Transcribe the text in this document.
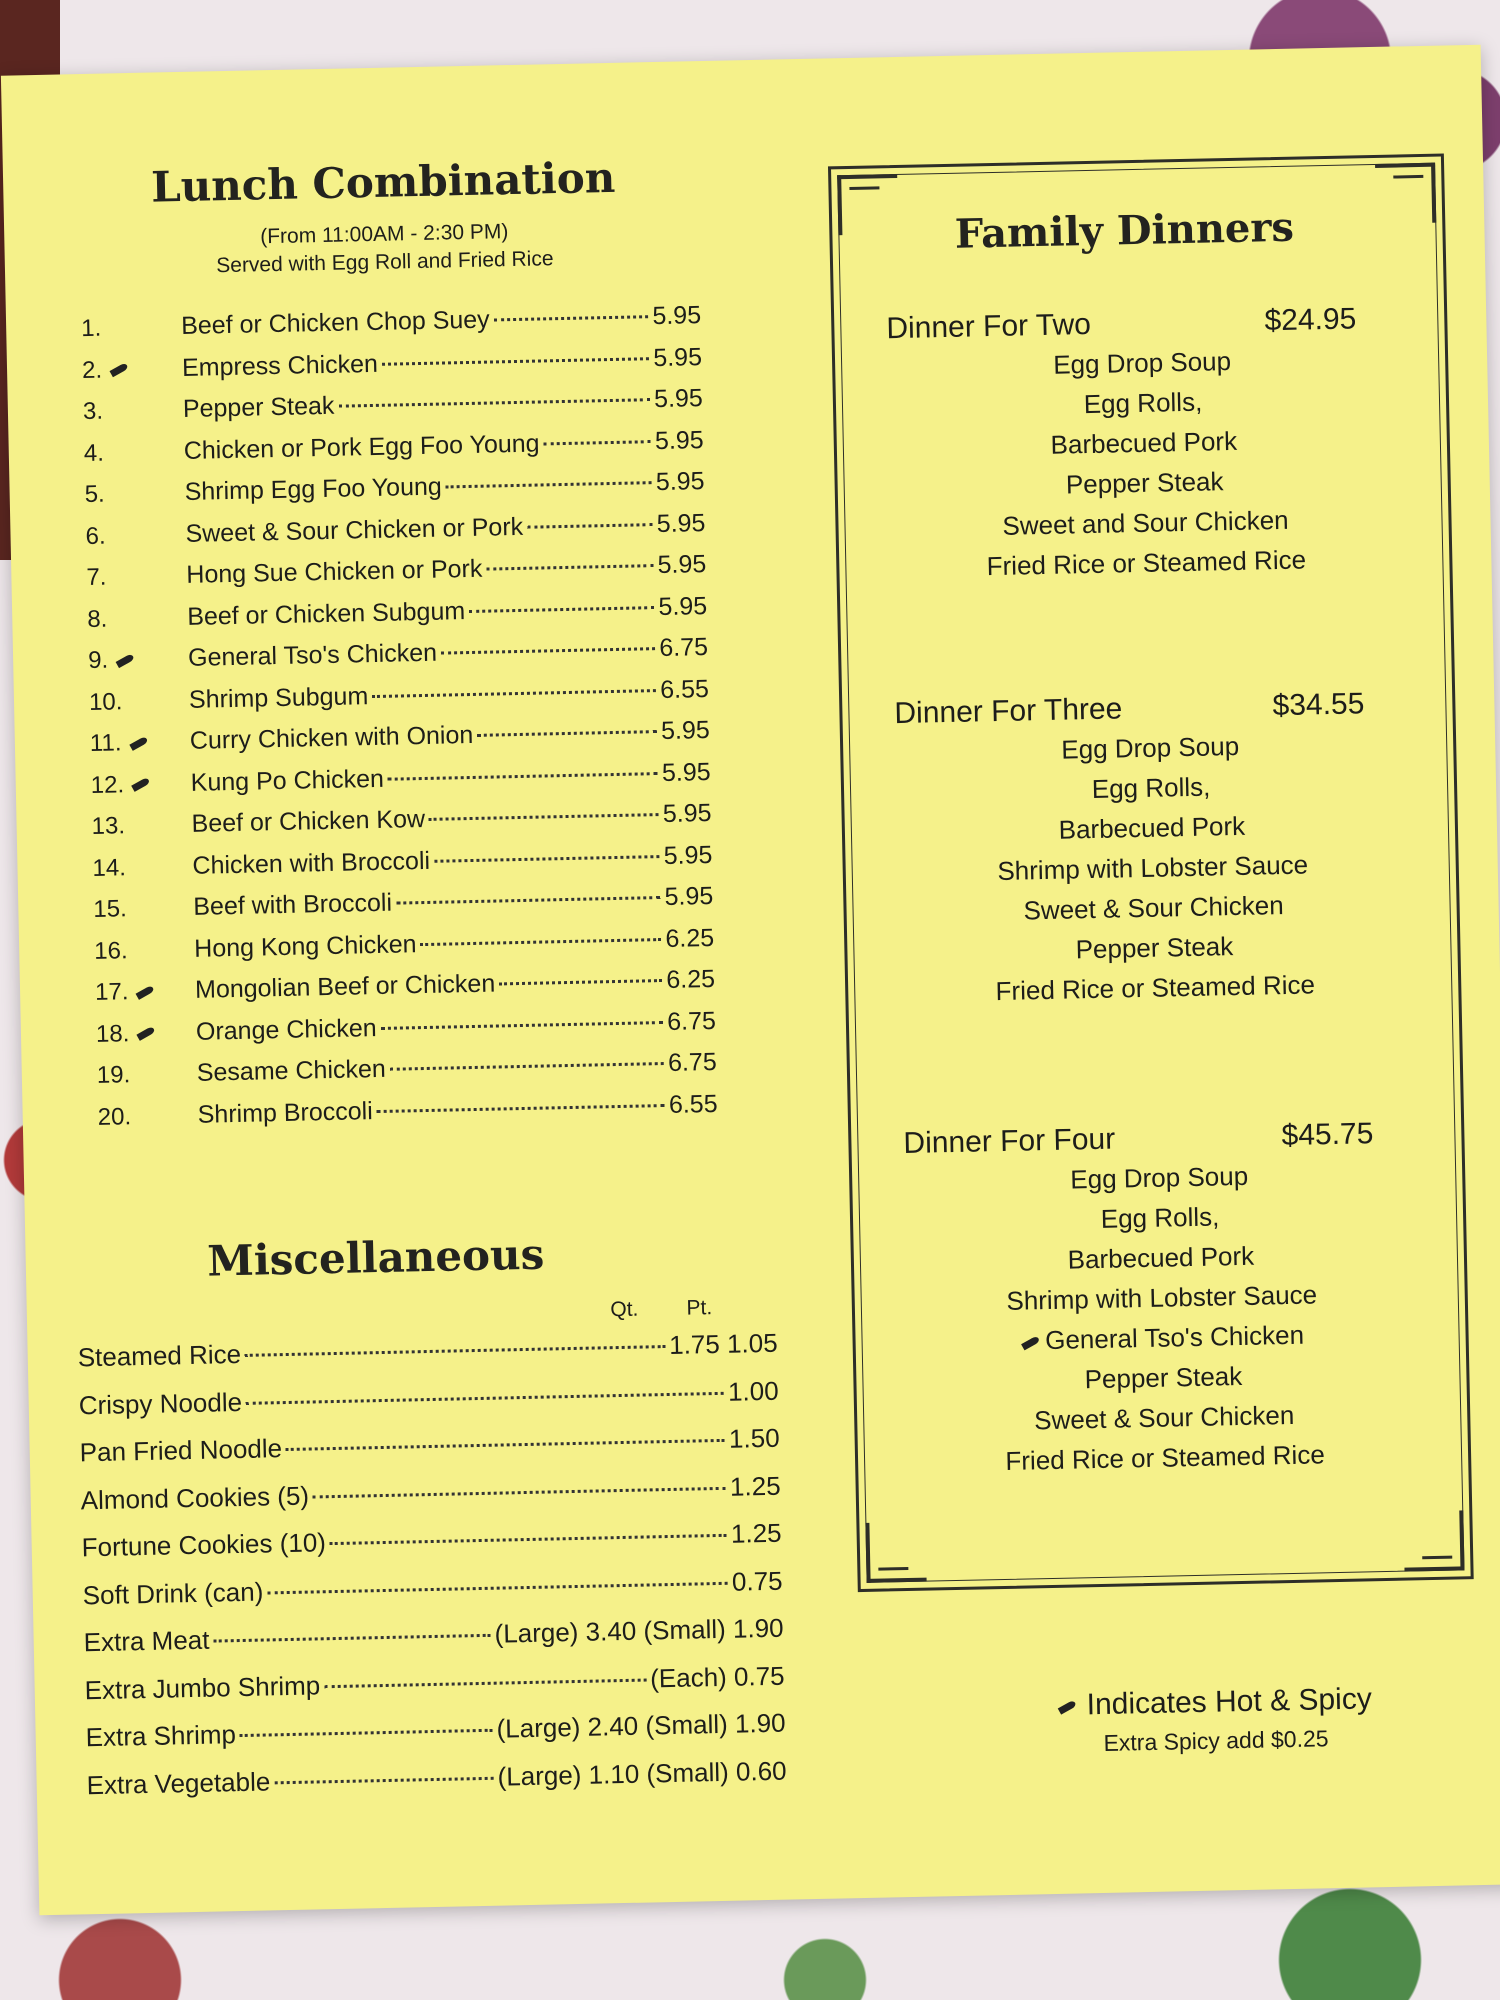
Lunch Combination
(From 11:00AM - 2:30 PM)
Served with Egg Roll and Fried Rice
1.	Beef or Chicken Chop Suey	5.95
2.	Empress Chicken	5.95
3.	Pepper Steak	5.95
4.	Chicken or Pork Egg Foo Young	5.95
5.	Shrimp Egg Foo Young	5.95
6.	Sweet & Sour Chicken or Pork	5.95
7.	Hong Sue Chicken or Pork	5.95
8.	Beef or Chicken Subgum	5.95
9.	General Tso's Chicken	6.75
10.	Shrimp Subgum	6.55
11.	Curry Chicken with Onion	5.95
12.	Kung Po Chicken	5.95
13.	Beef or Chicken Kow	5.95
14.	Chicken with Broccoli	5.95
15.	Beef with Broccoli	5.95
16.	Hong Kong Chicken	6.25
17.	Mongolian Beef or Chicken	6.25
18.	Orange Chicken	6.75
19.	Sesame Chicken	6.75
20.	Shrimp Broccoli	6.55
Miscellaneous
Qt.	Pt.
Steamed Rice	1.75 1.05
Crispy Noodle	1.00
Pan Fried Noodle	1.50
Almond Cookies (5)	1.25
Fortune Cookies (10)	1.25
Soft Drink (can)	0.75
Extra Meat	(Large) 3.40 (Small) 1.90
Extra Jumbo Shrimp	(Each) 0.75
Extra Shrimp	(Large) 2.40 (Small) 1.90
Extra Vegetable	(Large) 1.10 (Small) 0.60
Family Dinners
Dinner For Two	$24.95
Egg Drop Soup
Egg Rolls,
Barbecued Pork
Pepper Steak
Sweet and Sour Chicken
Fried Rice or Steamed Rice
Dinner For Three	$34.55
Egg Drop Soup
Egg Rolls,
Barbecued Pork
Shrimp with Lobster Sauce
Sweet & Sour Chicken
Pepper Steak
Fried Rice or Steamed Rice
Dinner For Four	$45.75
Egg Drop Soup
Egg Rolls,
Barbecued Pork
Shrimp with Lobster Sauce
General Tso's Chicken
Pepper Steak
Sweet & Sour Chicken
Fried Rice or Steamed Rice
Indicates Hot & Spicy
Extra Spicy add $0.25
